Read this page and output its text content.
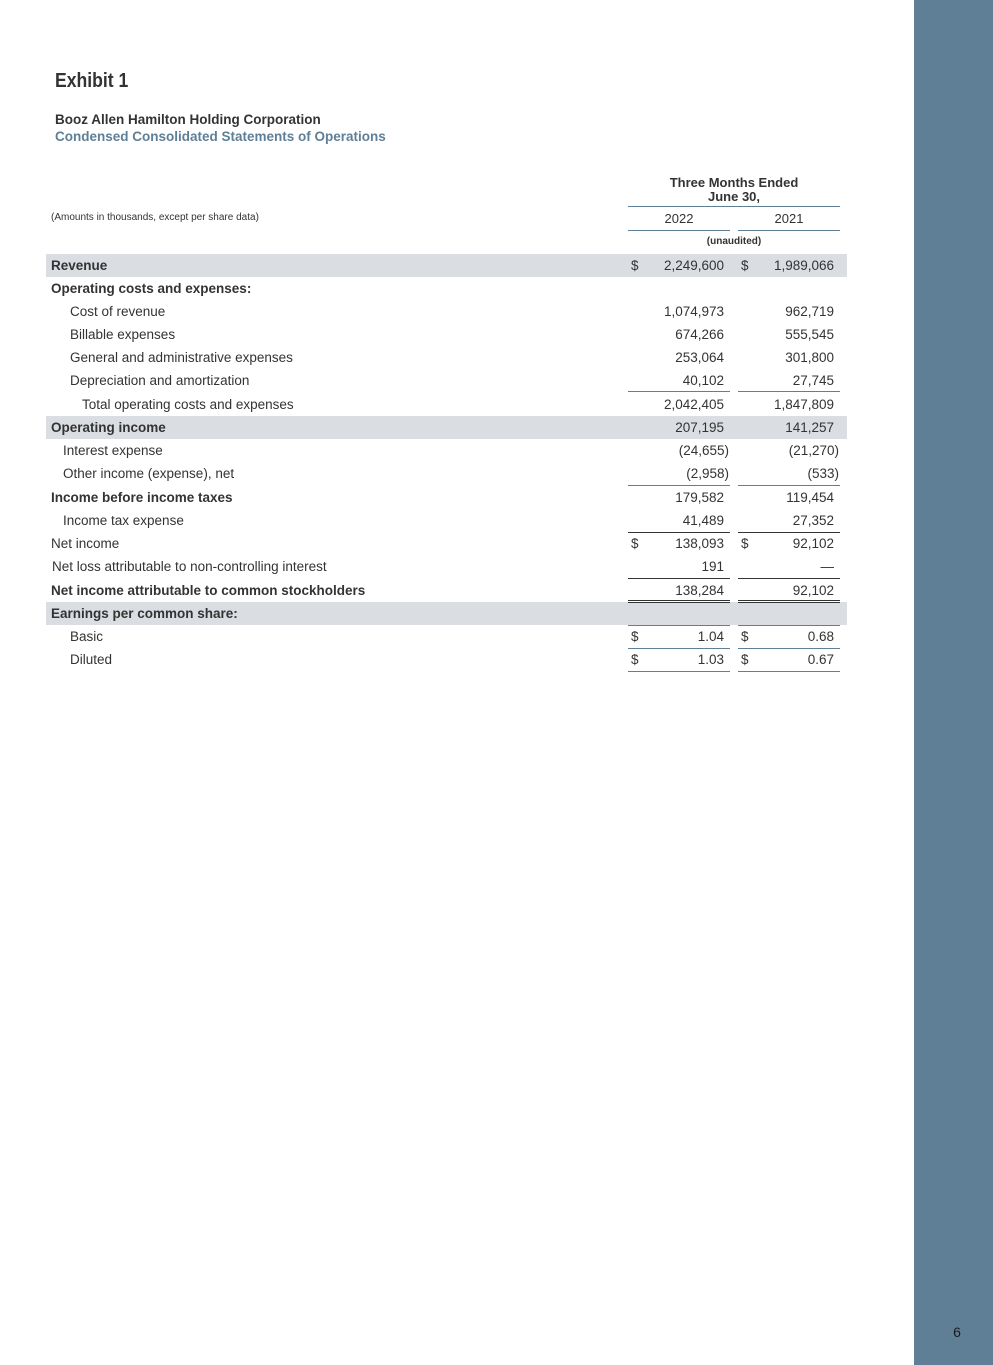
6
Exhibit 1
Booz Allen Hamilton Holding Corporation
Condensed Consolidated Statements of Operations
Three Months Ended
June 30,
(Amounts in thousands, except per share data)	2022	2021
(unaudited)
Revenue	$	2,249,600 $	1,989,066
Operating costs and expenses:
Cost of revenue	1,074,973	962,719
Billable expenses	674,266	555,545
General and administrative expenses	253,064	301,800
Depreciation and amortization	40,102	27,745
Total operating costs and expenses	2,042,405	1,847,809
Operating income	207,195	141,257
Interest expense	(24,655)	(21,270)
Other income (expense), net	(2,958)	(533)
Income before income taxes	179,582	119,454
Income tax expense	41,489	27,352
Net income	$	138,093 $	92,102
Net loss attributable to non-controlling interest	191	—
Net income attributable to common stockholders	138,284	92,102
Earnings per common share:
Basic	$	1.04 $	0.68
Diluted	$	1.03 $	0.67
